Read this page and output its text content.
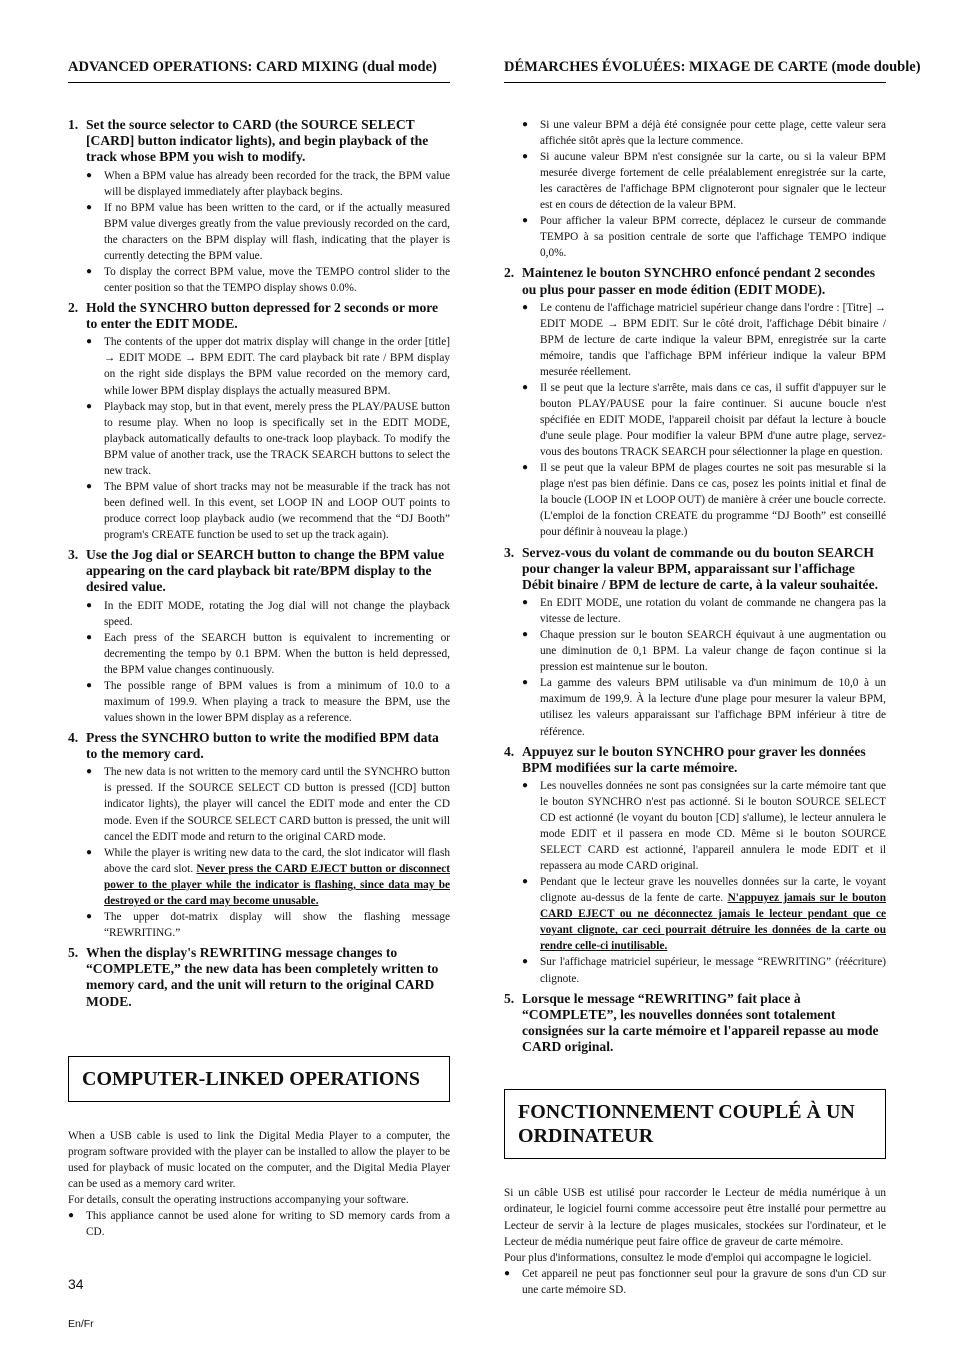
ADVANCED OPERATIONS: CARD MIXING (dual mode)
1. Set the source selector to CARD (the SOURCE SELECT [CARD] button indicator lights), and begin playback of the track whose BPM you wish to modify.
● When a BPM value has already been recorded for the track, the BPM value will be displayed immediately after playback begins.
● If no BPM value has been written to the card, or if the actually measured BPM value diverges greatly from the value previously recorded on the card, the characters on the BPM display will flash, indicating that the player is currently detecting the BPM value.
● To display the correct BPM value, move the TEMPO control slider to the center position so that the TEMPO display shows 0.0%.
2. Hold the SYNCHRO button depressed for 2 seconds or more to enter the EDIT MODE.
● The contents of the upper dot matrix display will change in the order [title] → EDIT MODE → BPM EDIT. The card playback bit rate / BPM display on the right side displays the BPM value recorded on the memory card, while lower BPM display displays the actually measured BPM.
● Playback may stop, but in that event, merely press the PLAY/PAUSE button to resume play. When no loop is specifically set in the EDIT MODE, playback automatically defaults to one-track loop playback. To modify the BPM value of another track, use the TRACK SEARCH buttons to select the new track.
● The BPM value of short tracks may not be measurable if the track has not been defined well. In this event, set LOOP IN and LOOP OUT points to produce correct loop playback audio (we recommend that the “DJ Booth” program's CREATE function be used to set up the track again).
3. Use the Jog dial or SEARCH button to change the BPM value appearing on the card playback bit rate/BPM display to the desired value.
● In the EDIT MODE, rotating the Jog dial will not change the playback speed.
● Each press of the SEARCH button is equivalent to incrementing or decrementing the tempo by 0.1 BPM. When the button is held depressed, the BPM value changes continuously.
● The possible range of BPM values is from a minimum of 10.0 to a maximum of 199.9. When playing a track to measure the BPM, use the values shown in the lower BPM display as a reference.
4. Press the SYNCHRO button to write the modified BPM data to the memory card.
● The new data is not written to the memory card until the SYNCHRO button is pressed. If the SOURCE SELECT CD button is pressed ([CD] button indicator lights), the player will cancel the EDIT mode and enter the CD mode. Even if the SOURCE SELECT CARD button is pressed, the unit will cancel the EDIT mode and return to the original CARD mode.
● While the player is writing new data to the card, the slot indicator will flash above the card slot. Never press the CARD EJECT button or disconnect power to the player while the indicator is flashing, since data may be destroyed or the card may become unusable.
● The upper dot-matrix display will show the flashing message “REWRITING.”
5. When the display's REWRITING message changes to “COMPLETE,” the new data has been completely written to memory card, and the unit will return to the original CARD MODE.
COMPUTER-LINKED OPERATIONS

When a USB cable is used to link the Digital Media Player to a computer, the program software provided with the player can be installed to allow the player to be used for playback of music located on the computer, and the Digital Media Player can be used as a memory card writer.

For details, consult the operating instructions accompanying your software.

● This appliance cannot be used alone for writing to SD memory cards from a CD.
DÉMARCHES ÉVOLUÉES: MIXAGE DE CARTE (mode double)
● Si une valeur BPM a déjà été consignée pour cette plage, cette valeur sera affichée sitôt après que la lecture commence.
● Si aucune valeur BPM n'est consignée sur la carte, ou si la valeur BPM mesurée diverge fortement de celle préalablement enregistrée sur la carte, les caractères de l'affichage BPM clignoteront pour signaler que le lecteur est en cours de détection de la valeur BPM.
● Pour afficher la valeur BPM correcte, déplacez le curseur de commande TEMPO à sa position centrale de sorte que l'affichage TEMPO indique 0,0%.
2. Maintenez le bouton SYNCHRO enfoncé pendant 2 secondes ou plus pour passer en mode édition (EDIT MODE).
● Le contenu de l'affichage matriciel supérieur change dans l'ordre : [Titre] → EDIT MODE → BPM EDIT. Sur le côté droit, l'affichage Débit binaire / BPM de lecture de carte indique la valeur BPM, enregistrée sur la carte mémoire, tandis que l'affichage BPM inférieur indique la valeur BPM mesurée réellement.
● Il se peut que la lecture s'arrête, mais dans ce cas, il suffit d'appuyer sur le bouton PLAY/PAUSE pour la faire continuer. Si aucune boucle n'est spécifiée en EDIT MODE, l'appareil choisit par défaut la lecture à boucle d'une seule plage. Pour modifier la valeur BPM d'une autre plage, servez-vous des boutons TRACK SEARCH pour sélectionner la plage en question.
● Il se peut que la valeur BPM de plages courtes ne soit pas mesurable si la plage n'est pas bien définie. Dans ce cas, posez les points initial et final de la boucle (LOOP IN et LOOP OUT) de manière à créer une boucle correcte. (L'emploi de la fonction CREATE du programme “DJ Booth” est conseillé pour définir à nouveau la plage.)
3. Servez-vous du volant de commande ou du bouton SEARCH pour changer la valeur BPM, apparaissant sur l'affichage Débit binaire / BPM de lecture de carte, à la valeur souhaitée.
● En EDIT MODE, une rotation du volant de commande ne changera pas la vitesse de lecture.
● Chaque pression sur le bouton SEARCH équivaut à une augmentation ou une diminution de 0,1 BPM. La valeur change de façon continue si la pression est maintenue sur le bouton.
● La gamme des valeurs BPM utilisable va d'un minimum de 10,0 à un maximum de 199,9. À la lecture d'une plage pour mesurer la valeur BPM, utilisez les valeurs apparaissant sur l'affichage BPM inférieur à titre de référence.
4. Appuyez sur le bouton SYNCHRO pour graver les données BPM modifiées sur la carte mémoire.
● Les nouvelles données ne sont pas consignées sur la carte mémoire tant que le bouton SYNCHRO n'est pas actionné. Si le bouton SOURCE SELECT CD est actionné (le voyant du bouton [CD] s'allume), le lecteur annulera le mode EDIT et il passera en mode CD. Même si le bouton SOURCE SELECT CARD est actionné, l'appareil annulera le mode EDIT et il repassera au mode CARD original.
● Pendant que le lecteur grave les nouvelles données sur la carte, le voyant clignote au-dessus de la fente de carte. N'appuyez jamais sur le bouton CARD EJECT ou ne déconnectez jamais le lecteur pendant que ce voyant clignote, car ceci pourrait détruire les données de la carte ou rendre celle-ci inutilisable.
● Sur l'affichage matriciel supérieur, le message “REWRITING” (réécriture) clignote.
5. Lorsque le message “REWRITING” fait place à “COMPLETE”, les nouvelles données sont totalement consignées sur la carte mémoire et l'appareil repasse au mode CARD original.
FONCTIONNEMENT COUPLÉ À UN ORDINATEUR

Si un câble USB est utilisé pour raccorder le Lecteur de média numérique à un ordinateur, le logiciel fourni comme accessoire peut être installé pour permettre au Lecteur de servir à la lecture de plages musicales, stockées sur l'ordinateur, et le Lecteur de média numérique peut faire office de graveur de carte mémoire.

Pour plus d'informations, consultez le mode d'emploi qui accompagne le logiciel.

● Cet appareil ne peut pas fonctionner seul pour la gravure de sons d'un CD sur une carte mémoire SD.
34
En/Fr
